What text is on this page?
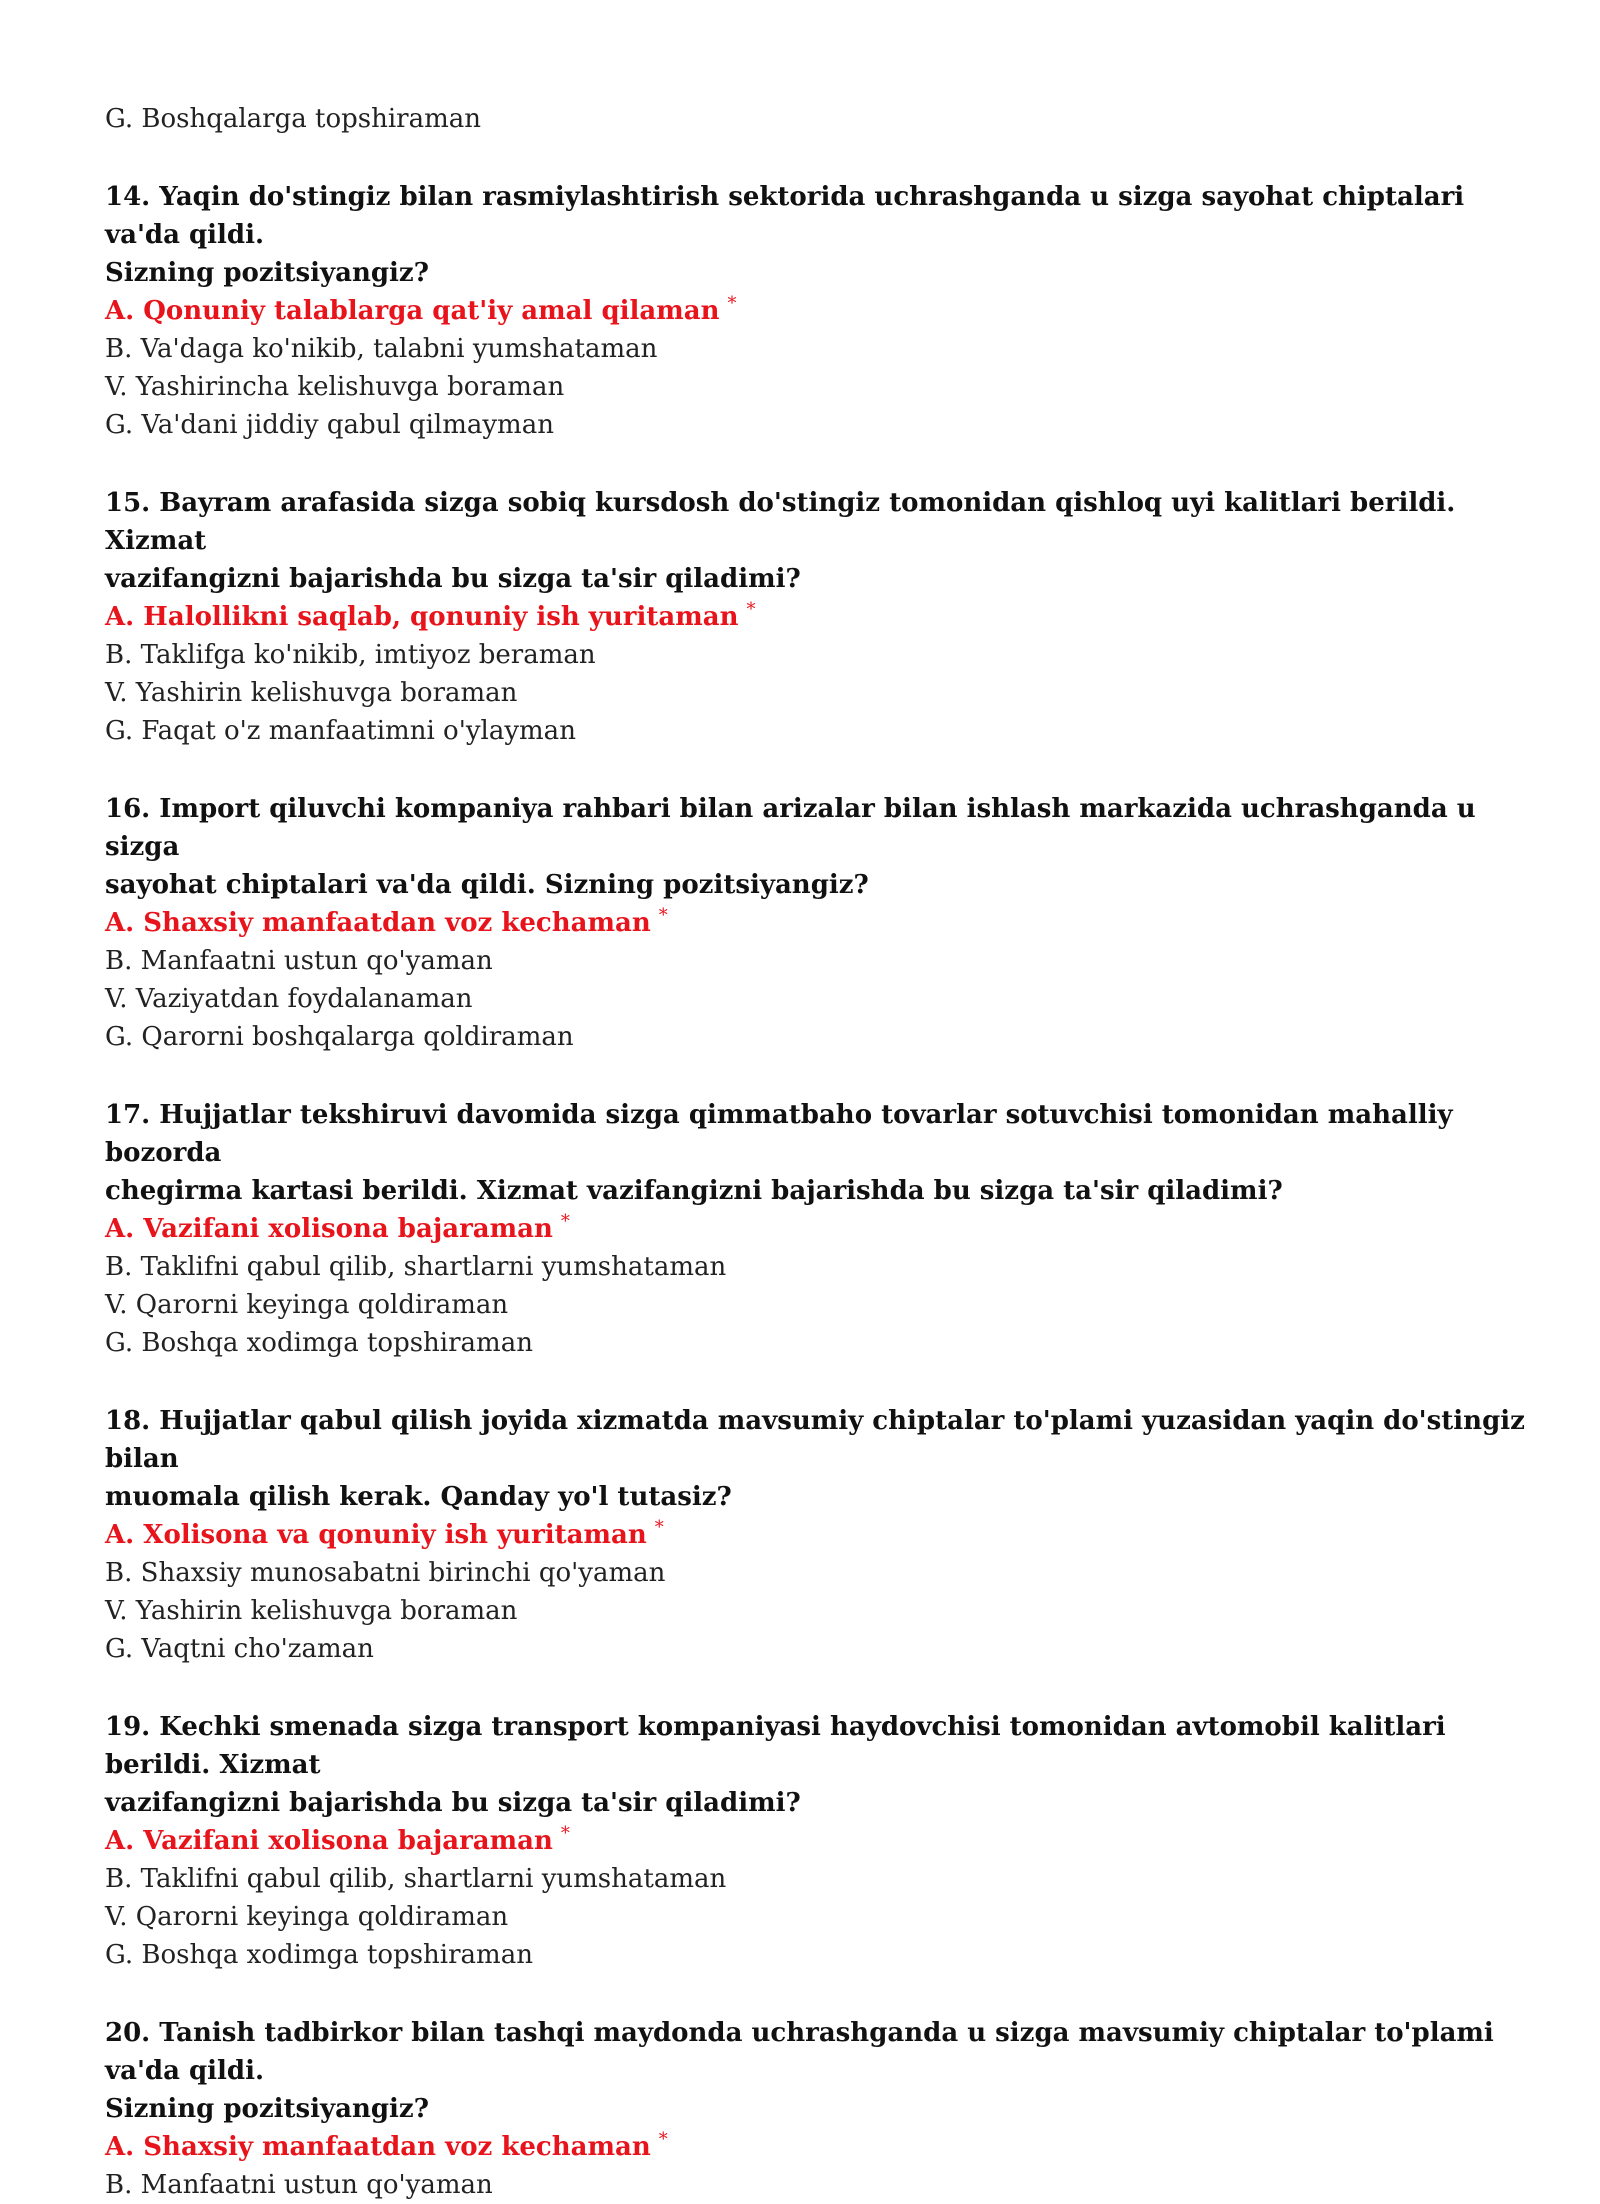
G. Boshqalarga topshiraman
14. Yaqin do'stingiz bilan rasmiylashtirish sektorida uchrashganda u sizga sayohat chiptalari va'da qildi.
Sizning pozitsiyangiz?
A. Qonuniy talablarga qat'iy amal qilaman *
B. Va'daga ko'nikib, talabni yumshataman
V. Yashirincha kelishuvga boraman
G. Va'dani jiddiy qabul qilmayman
15. Bayram arafasida sizga sobiq kursdosh do'stingiz tomonidan qishloq uyi kalitlari berildi. Xizmat
vazifangizni bajarishda bu sizga ta'sir qiladimi?
A. Halollikni saqlab, qonuniy ish yuritaman *
B. Taklifga ko'nikib, imtiyoz beraman
V. Yashirin kelishuvga boraman
G. Faqat o'z manfaatimni o'ylayman
16. Import qiluvchi kompaniya rahbari bilan arizalar bilan ishlash markazida uchrashganda u sizga
sayohat chiptalari va'da qildi. Sizning pozitsiyangiz?
A. Shaxsiy manfaatdan voz kechaman *
B. Manfaatni ustun qo'yaman
V. Vaziyatdan foydalanaman
G. Qarorni boshqalarga qoldiraman
17. Hujjatlar tekshiruvi davomida sizga qimmatbaho tovarlar sotuvchisi tomonidan mahalliy bozorda
chegirma kartasi berildi. Xizmat vazifangizni bajarishda bu sizga ta'sir qiladimi?
A. Vazifani xolisona bajaraman *
B. Taklifni qabul qilib, shartlarni yumshataman
V. Qarorni keyinga qoldiraman
G. Boshqa xodimga topshiraman
18. Hujjatlar qabul qilish joyida xizmatda mavsumiy chiptalar to'plami yuzasidan yaqin do'stingiz bilan
muomala qilish kerak. Qanday yo'l tutasiz?
A. Xolisona va qonuniy ish yuritaman *
B. Shaxsiy munosabatni birinchi qo'yaman
V. Yashirin kelishuvga boraman
G. Vaqtni cho'zaman
19. Kechki smenada sizga transport kompaniyasi haydovchisi tomonidan avtomobil kalitlari berildi. Xizmat
vazifangizni bajarishda bu sizga ta'sir qiladimi?
A. Vazifani xolisona bajaraman *
B. Taklifni qabul qilib, shartlarni yumshataman
V. Qarorni keyinga qoldiraman
G. Boshqa xodimga topshiraman
20. Tanish tadbirkor bilan tashqi maydonda uchrashganda u sizga mavsumiy chiptalar to'plami va'da qildi.
Sizning pozitsiyangiz?
A. Shaxsiy manfaatdan voz kechaman *
B. Manfaatni ustun qo'yaman
